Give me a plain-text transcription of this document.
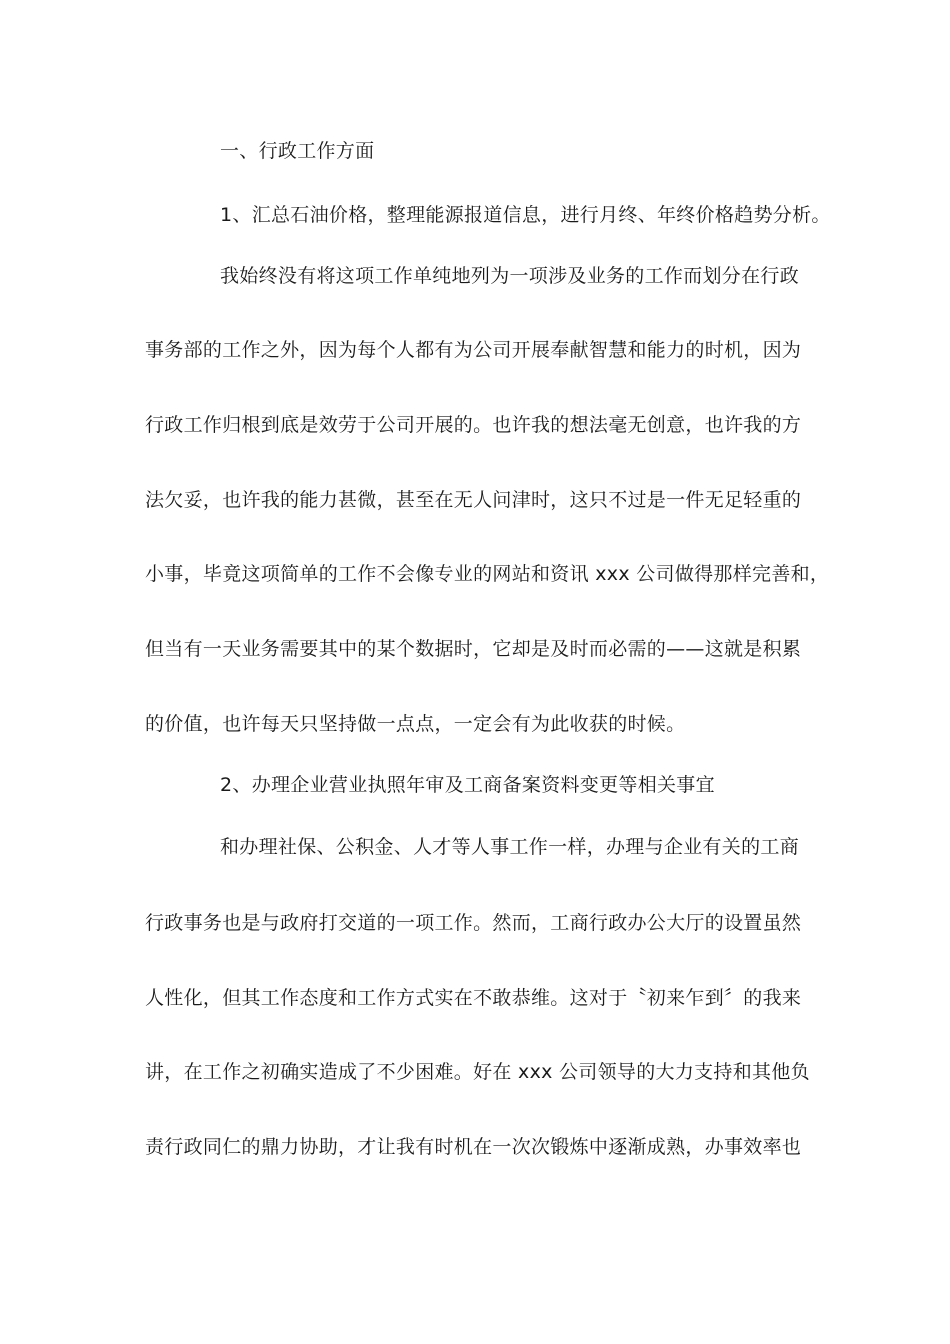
一、行政工作方面
1、汇总石油价格，整理能源报道信息，进行月终、年终价格趋势分析。
我始终没有将这项工作单纯地列为一项涉及业务的工作而划分在行政
事务部的工作之外，因为每个人都有为公司开展奉献智慧和能力的时机，因为
行政工作归根到底是效劳于公司开展的。也许我的想法毫无创意，也许我的方
法欠妥，也许我的能力甚微，甚至在无人问津时，这只不过是一件无足轻重的
小事，毕竟这项简单的工作不会像专业的网站和资讯 xxx 公司做得那样完善和，
但当有一天业务需要其中的某个数据时，它却是及时而必需的——这就是积累
的价值，也许每天只坚持做一点点，一定会有为此收获的时候。
2、办理企业营业执照年审及工商备案资料变更等相关事宜
和办理社保、公积金、人才等人事工作一样，办理与企业有关的工商
行政事务也是与政府打交道的一项工作。然而，工商行政办公大厅的设置虽然
人性化，但其工作态度和工作方式实在不敢恭维。这对于〝初来乍到〞的我来
讲，在工作之初确实造成了不少困难。好在 xxx 公司领导的大力支持和其他负
责行政同仁的鼎力协助，才让我有时机在一次次锻炼中逐渐成熟，办事效率也
